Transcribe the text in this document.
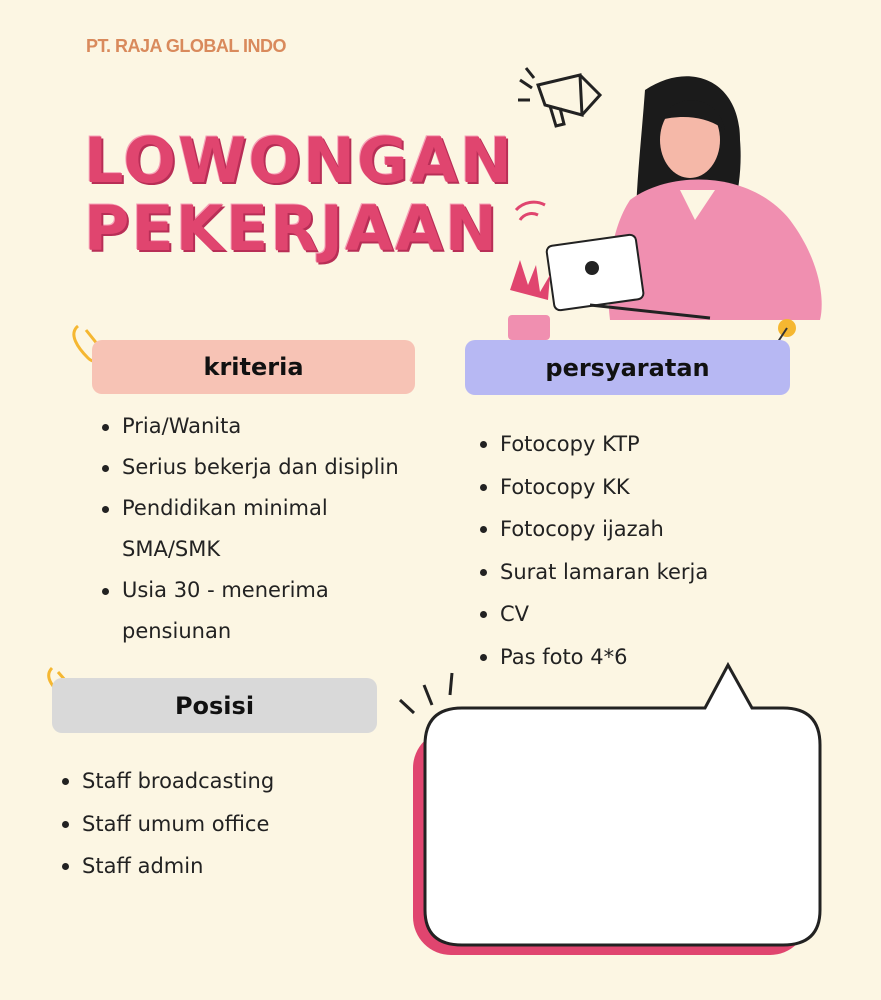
PT. RAJA GLOBAL INDO
LOWONGAN
PEKERJAAN
kriteria	persyaratan
Pria/Wanita
Serius bekerja dan disiplin
Pendidikan minimal SMA/SMK
Usia 30 - menerima pensiunan
Fotocopy KTP
Fotocopy KK
Fotocopy ijazah
Surat lamaran kerja
CV
Pas foto 4*6
Posisi
Staff broadcasting
Staff umum office
Staff admin
